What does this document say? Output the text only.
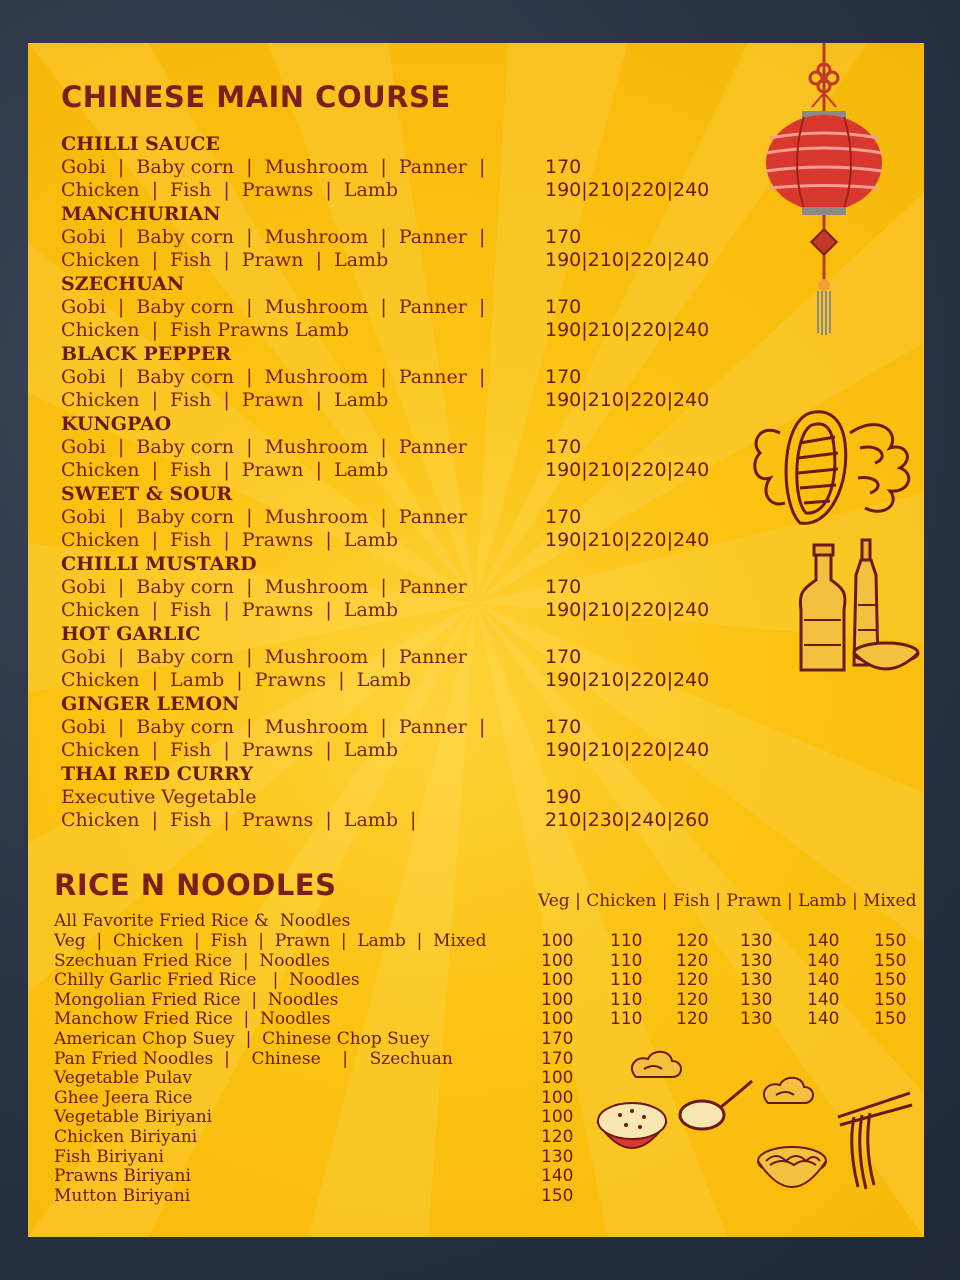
CHINESE MAIN COURSE
CHILLI SAUCE
Gobi  |  Baby corn  |  Mushroom  |  Panner  |	170
Chicken  |  Fish  |  Prawns  |  Lamb	190|210|220|240
MANCHURIAN
Gobi  |  Baby corn  |  Mushroom  |  Panner  |	170
Chicken  |  Fish  |  Prawn  |  Lamb	190|210|220|240
SZECHUAN
Gobi  |  Baby corn  |  Mushroom  |  Panner  |	170
Chicken  |  Fish Prawns Lamb	190|210|220|240
BLACK PEPPER
Gobi  |  Baby corn  |  Mushroom  |  Panner  |	170
Chicken  |  Fish  |  Prawn  |  Lamb	190|210|220|240
KUNGPAO
Gobi  |  Baby corn  |  Mushroom  |  Panner	170
Chicken  |  Fish  |  Prawn  |  Lamb	190|210|220|240
SWEET & SOUR
Gobi  |  Baby corn  |  Mushroom  |  Panner	170
Chicken  |  Fish  |  Prawns  |  Lamb	190|210|220|240
CHILLI MUSTARD
Gobi  |  Baby corn  |  Mushroom  |  Panner	170
Chicken  |  Fish  |  Prawns  |  Lamb	190|210|220|240
HOT GARLIC
Gobi  |  Baby corn  |  Mushroom  |  Panner	170
Chicken  |  Lamb  |  Prawns  |  Lamb	190|210|220|240
GINGER LEMON
Gobi  |  Baby corn  |  Mushroom  |  Panner  |	170
Chicken  |  Fish  |  Prawns  |  Lamb	190|210|220|240
THAI RED CURRY
Executive Vegetable	190
Chicken  |  Fish  |  Prawns  |  Lamb  |	210|230|240|260
RICE N NOODLES	Veg | Chicken | Fish | Prawn | Lamb | Mixed
All Favorite Fried Rice &  Noodles
Veg  |  Chicken  |  Fish  |  Prawn  |  Lamb  |  Mixed	100 110 120 130 140 150
Szechuan Fried Rice  |  Noodles	100 110 120 130 140 150
Chilly Garlic Fried Rice   |  Noodles	100 110 120 130 140 150
Mongolian Fried Rice  |  Noodles	100 110 120 130 140 150
Manchow Fried Rice  |  Noodles	100 110 120 130 140 150
American Chop Suey  |  Chinese Chop Suey	170
Pan Fried Noodles  |    Chinese    |    Szechuan	170
Vegetable Pulav	100
Ghee Jeera Rice	100
Vegetable Biriyani	100
Chicken Biriyani	120
Fish Biriyani	130
Prawns Biriyani	140
Mutton Biriyani	150
